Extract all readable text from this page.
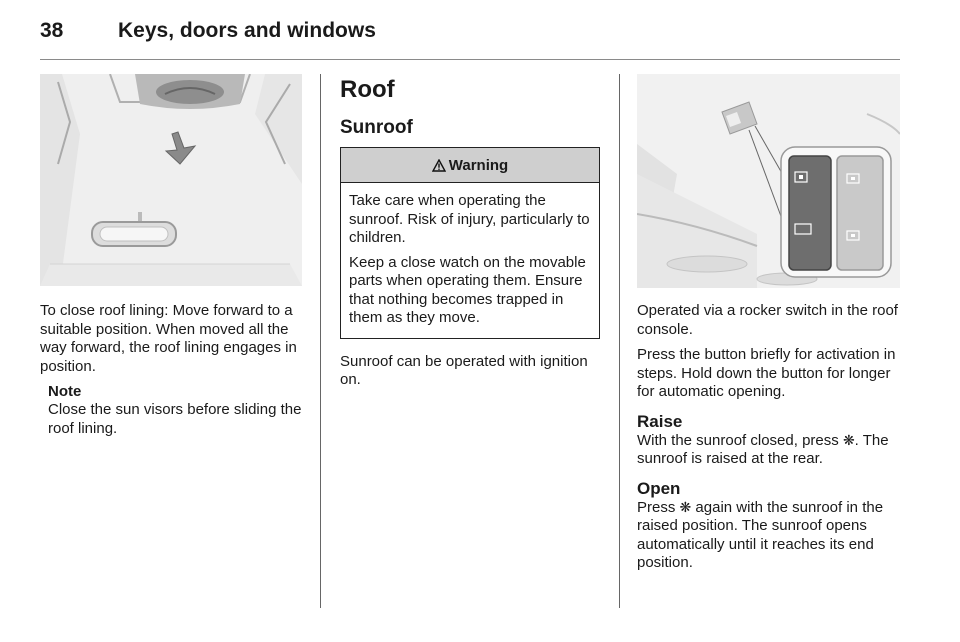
38	Keys, doors and windows

To close roof lining: Move forward to a suitable position. When moved all the way forward, the roof lining engages in position.

Note

Close the sun visors before sliding the roof lining.

Roof

Sunroof

Warning

Take care when operating the sunroof. Risk of injury, particularly to children.

Keep a close watch on the movable parts when operating them. Ensure that nothing becomes trapped in them as they move.

Sunroof can be operated with ignition on.

Operated via a rocker switch in the roof console.

Press the button briefly for activation in steps. Hold down the button for longer for automatic opening.

Raise

With the sunroof closed, press ❋. The sunroof is raised at the rear.

Open

Press ❋ again with the sunroof in the raised position. The sunroof opens automatically until it reaches its end position.
